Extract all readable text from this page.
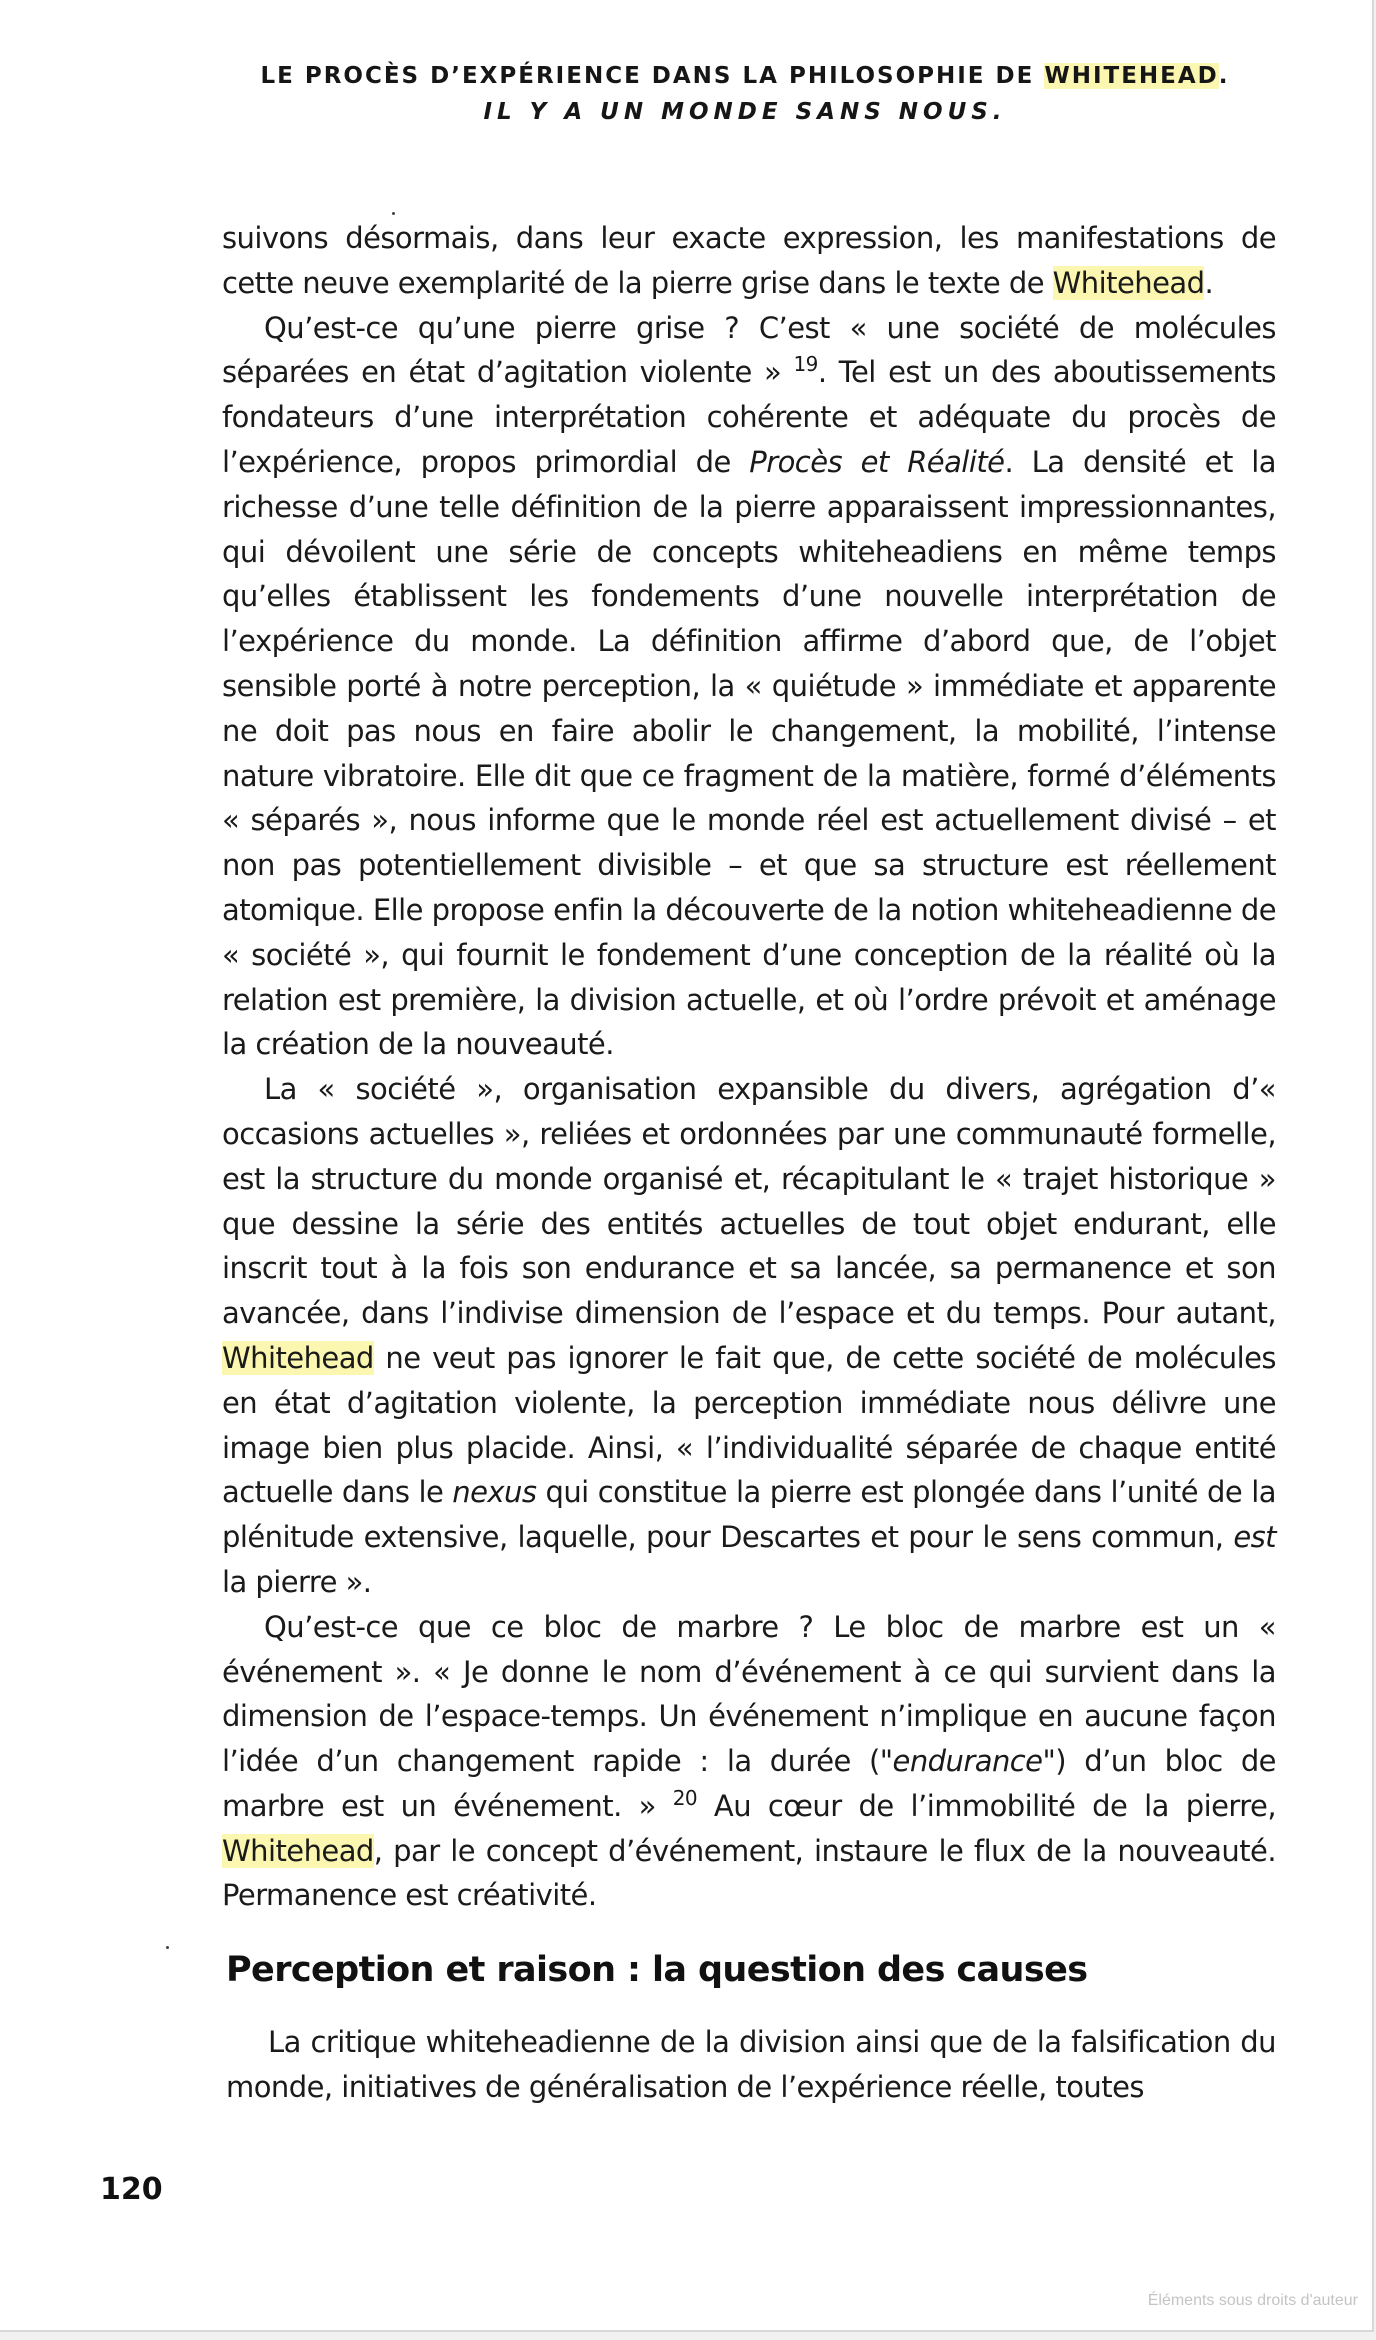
LE PROCÈS D’EXPÉRIENCE DANS LA PHILOSOPHIE DE WHITEHEAD.
IL Y A UN MONDE SANS NOUS.

suivons désormais, dans leur exacte expression, les manifestations de cette neuve exemplarité de la pierre grise dans le texte de Whitehead.

Qu’est-ce qu’une pierre grise ? C’est « une société de molécules séparées en état d’agitation violente » $^{19}$. Tel est un des aboutissements fondateurs d’une interprétation cohérente et adéquate du procès de l’expérience, propos primordial de Procès et Réalité. La densité et la richesse d’une telle définition de la pierre apparaissent impressionnantes, qui dévoilent une série de concepts whiteheadiens en même temps qu’elles établissent les fondements d’une nouvelle interprétation de l’expérience du monde. La définition affirme d’abord que, de l’objet sensible porté à notre perception, la « quiétude » immédiate et apparente ne doit pas nous en faire abolir le changement, la mobilité, l’intense nature vibratoire. Elle dit que ce fragment de la matière, formé d’éléments « séparés », nous informe que le monde réel est actuellement divisé – et non pas potentiellement divisible – et que sa structure est réellement atomique. Elle propose enfin la découverte de la notion whiteheadienne de « société », qui fournit le fondement d’une conception de la réalité où la relation est première, la division actuelle, et où l’ordre prévoit et aménage la création de la nouveauté.

La « société », organisation expansible du divers, agrégation d’« occasions actuelles », reliées et ordonnées par une communauté formelle, est la structure du monde organisé et, récapitulant le « trajet historique » que dessine la série des entités actuelles de tout objet endurant, elle inscrit tout à la fois son endurance et sa lancée, sa permanence et son avancée, dans l’indivise dimension de l’espace et du temps. Pour autant, Whitehead ne veut pas ignorer le fait que, de cette société de molécules en état d’agitation violente, la perception immédiate nous délivre une image bien plus placide. Ainsi, « l’individualité séparée de chaque entité actuelle dans le nexus qui constitue la pierre est plongée dans l’unité de la plénitude extensive, laquelle, pour Descartes et pour le sens commun, est la pierre ».

Qu’est-ce que ce bloc de marbre ? Le bloc de marbre est un « événement ». « Je donne le nom d’événement à ce qui survient dans la dimension de l’espace-temps. Un événement n’implique en aucune façon l’idée d’un changement rapide : la durée ("endurance") d’un bloc de marbre est un événement. » $^{20}$ Au cœur de l’immobilité de la pierre, Whitehead, par le concept d’événement, instaure le flux de la nouveauté. Permanence est créativité.

Perception et raison : la question des causes

La critique whiteheadienne de la division ainsi que de la falsification du monde, initiatives de généralisation de l’expérience réelle, toutes

120
Éléments sous droits d'auteur
